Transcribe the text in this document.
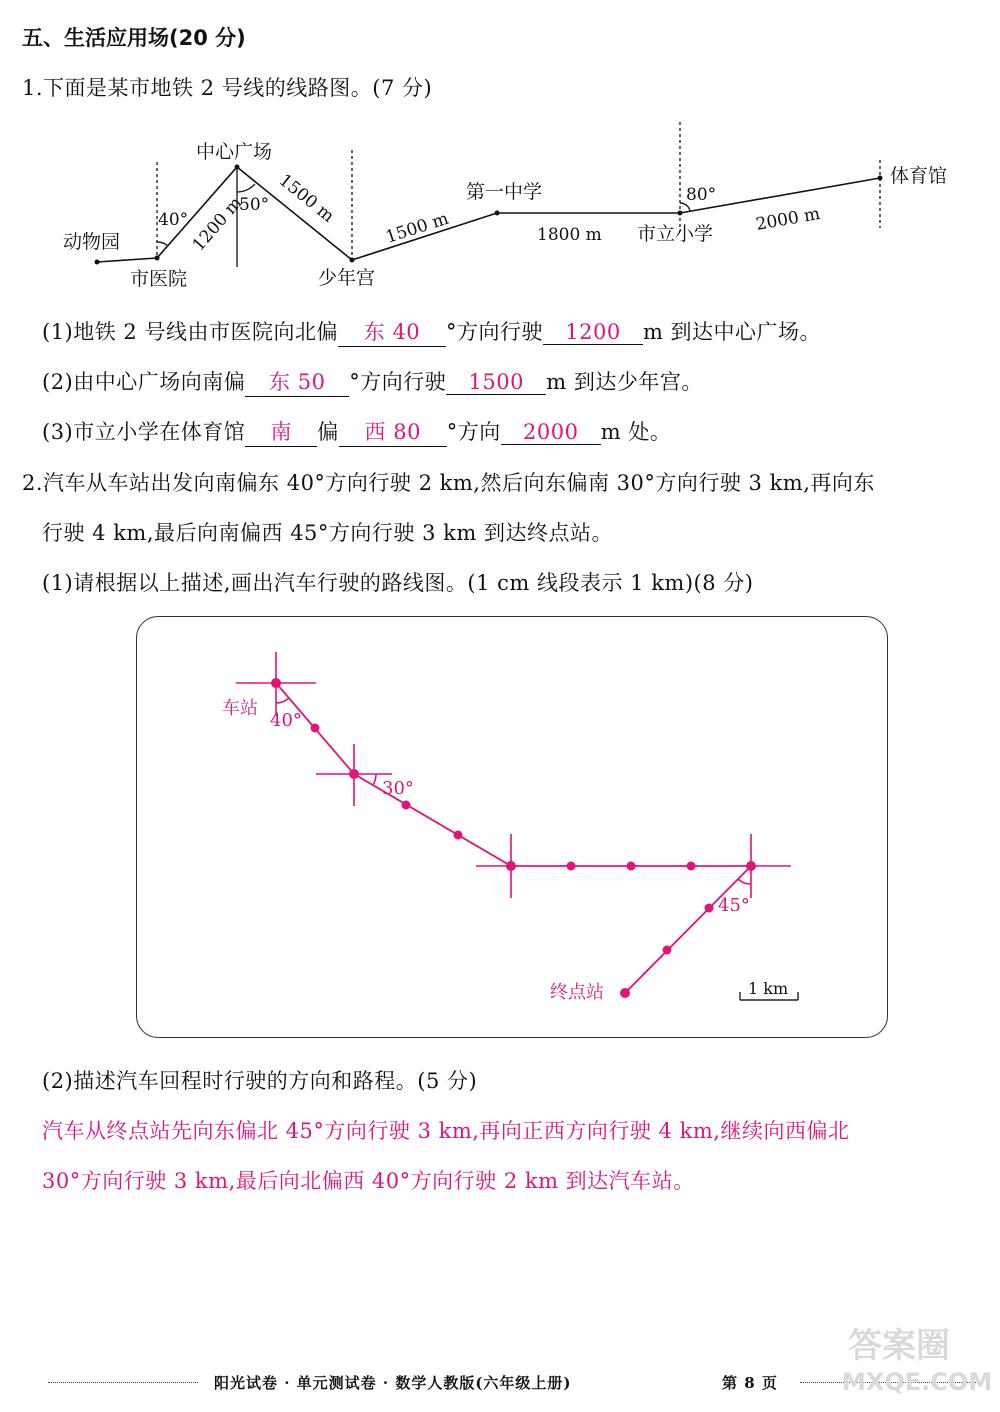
五、生活应用场(20 分)
1.下面是某市地铁 2 号线的线路图。(7 分)
动物园
市医院
中心广场
少年宫
第一中学
市立小学
体育馆
1200 m 1500 m
1500 m	1800 m
2000 m
40°
50°	80°
(1)地铁 2 号线由市医院向北偏 东 40 °方向行驶 1200 m 到达中心广场。
(2)由中心广场向南偏 东 50 °方向行驶 1500 m 到达少年宫。
(3)市立小学在体育馆 南 偏 西 80 °方向 2000 m 处。
2.汽车从车站出发向南偏东 40°方向行驶 2 km,然后向东偏南 30°方向行驶 3 km,再向东
行驶 4 km,最后向南偏西 45°方向行驶 3 km 到达终点站。
(1)请根据以上描述,画出汽车行驶的路线图。(1 cm 线段表示 1 km)(8 分)
车站
40°
30°
45°
终点站	1 km
(2)描述汽车回程时行驶的方向和路程。(5 分)
汽车从终点站先向东偏北 45°方向行驶 3 km,再向正西方向行驶 4 km,继续向西偏北
30°方向行驶 3 km,最后向北偏西 40°方向行驶 2 km 到达汽车站。
阳光试卷 · 单元测试卷 · 数学人教版(六年级上册)	第 8 页
答案圈
MXQE.COM
